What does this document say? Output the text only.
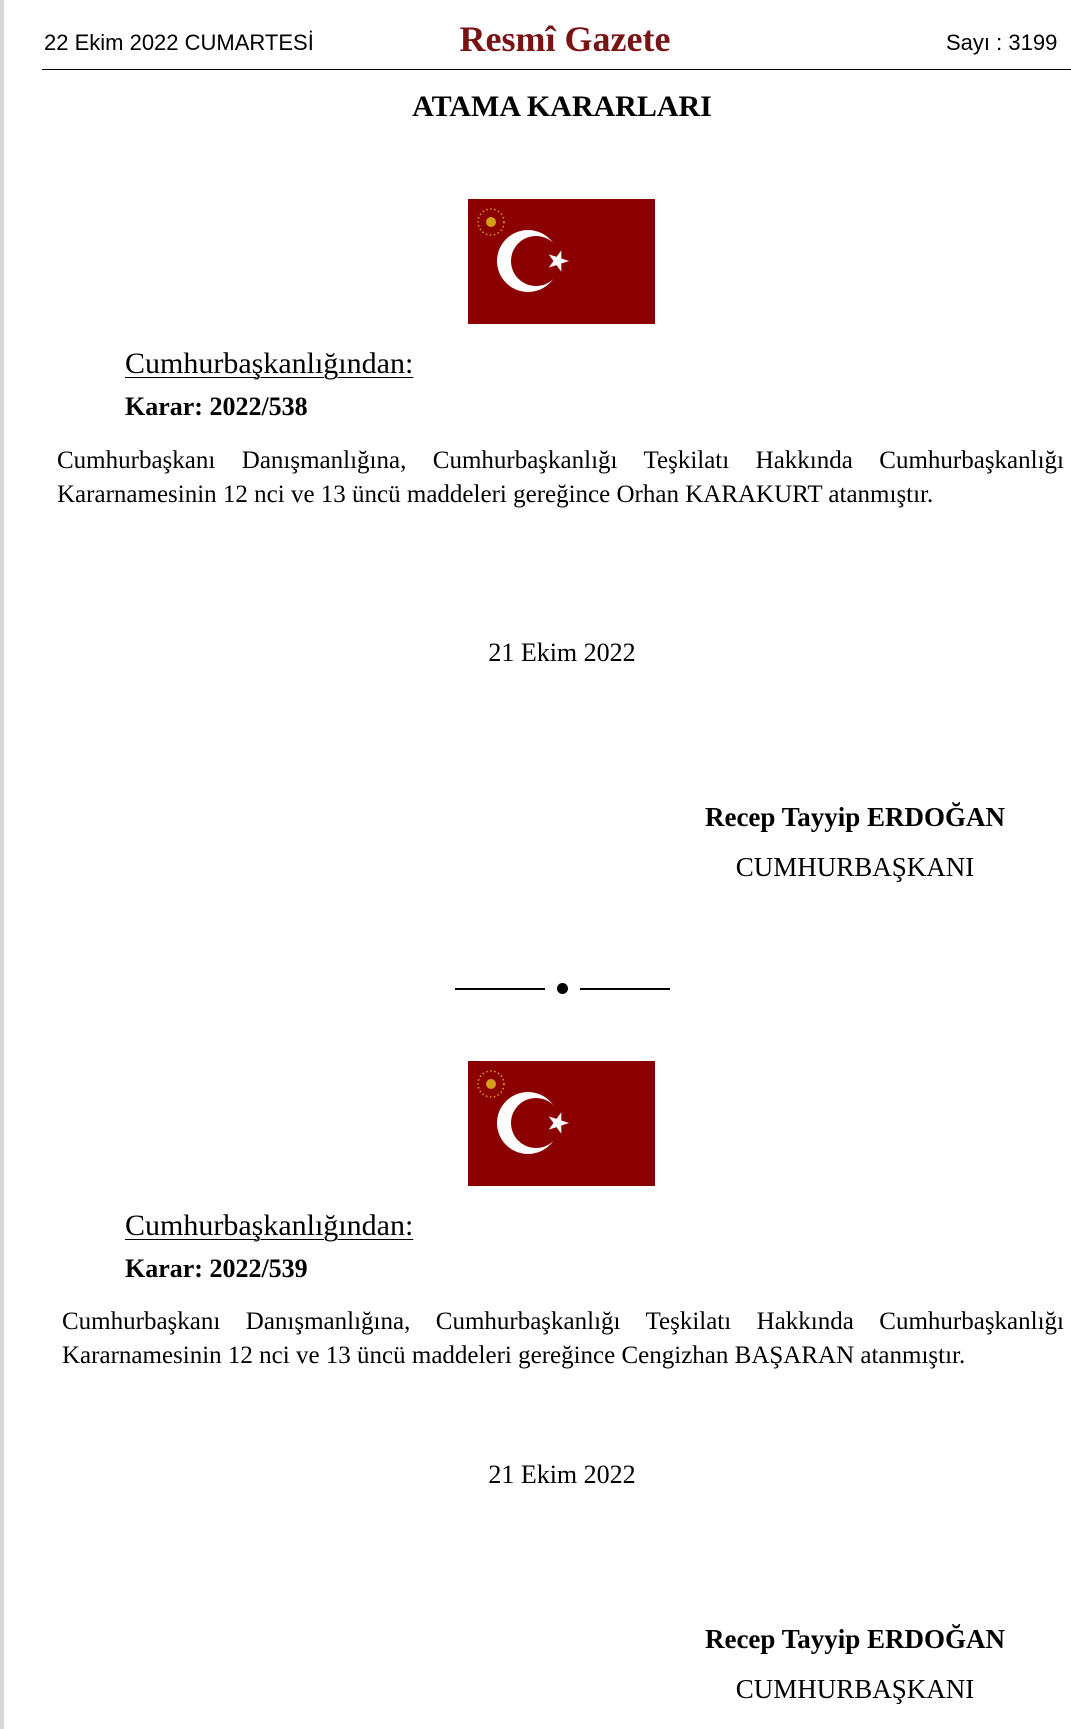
22 Ekim 2022 CUMARTESİ	Resmî Gazete	Sayı : 3199
ATAMA KARARLARI
Cumhurbaşkanlığından:
Karar: 2022/538
Cumhurbaşkanı Danışmanlığına, Cumhurbaşkanlığı Teşkilatı Hakkında Cumhurbaşkanlığı Kararnamesinin 12 nci ve 13 üncü maddeleri gereğince Orhan KARAKURT atanmıştır.
21 Ekim 2022
Recep Tayyip ERDOĞAN
CUMHURBAŞKANI
Cumhurbaşkanlığından:
Karar: 2022/539
Cumhurbaşkanı Danışmanlığına, Cumhurbaşkanlığı Teşkilatı Hakkında Cumhurbaşkanlığı Kararnamesinin 12 nci ve 13 üncü maddeleri gereğince Cengizhan BAŞARAN atanmıştır.
21 Ekim 2022
Recep Tayyip ERDOĞAN
CUMHURBAŞKANI
